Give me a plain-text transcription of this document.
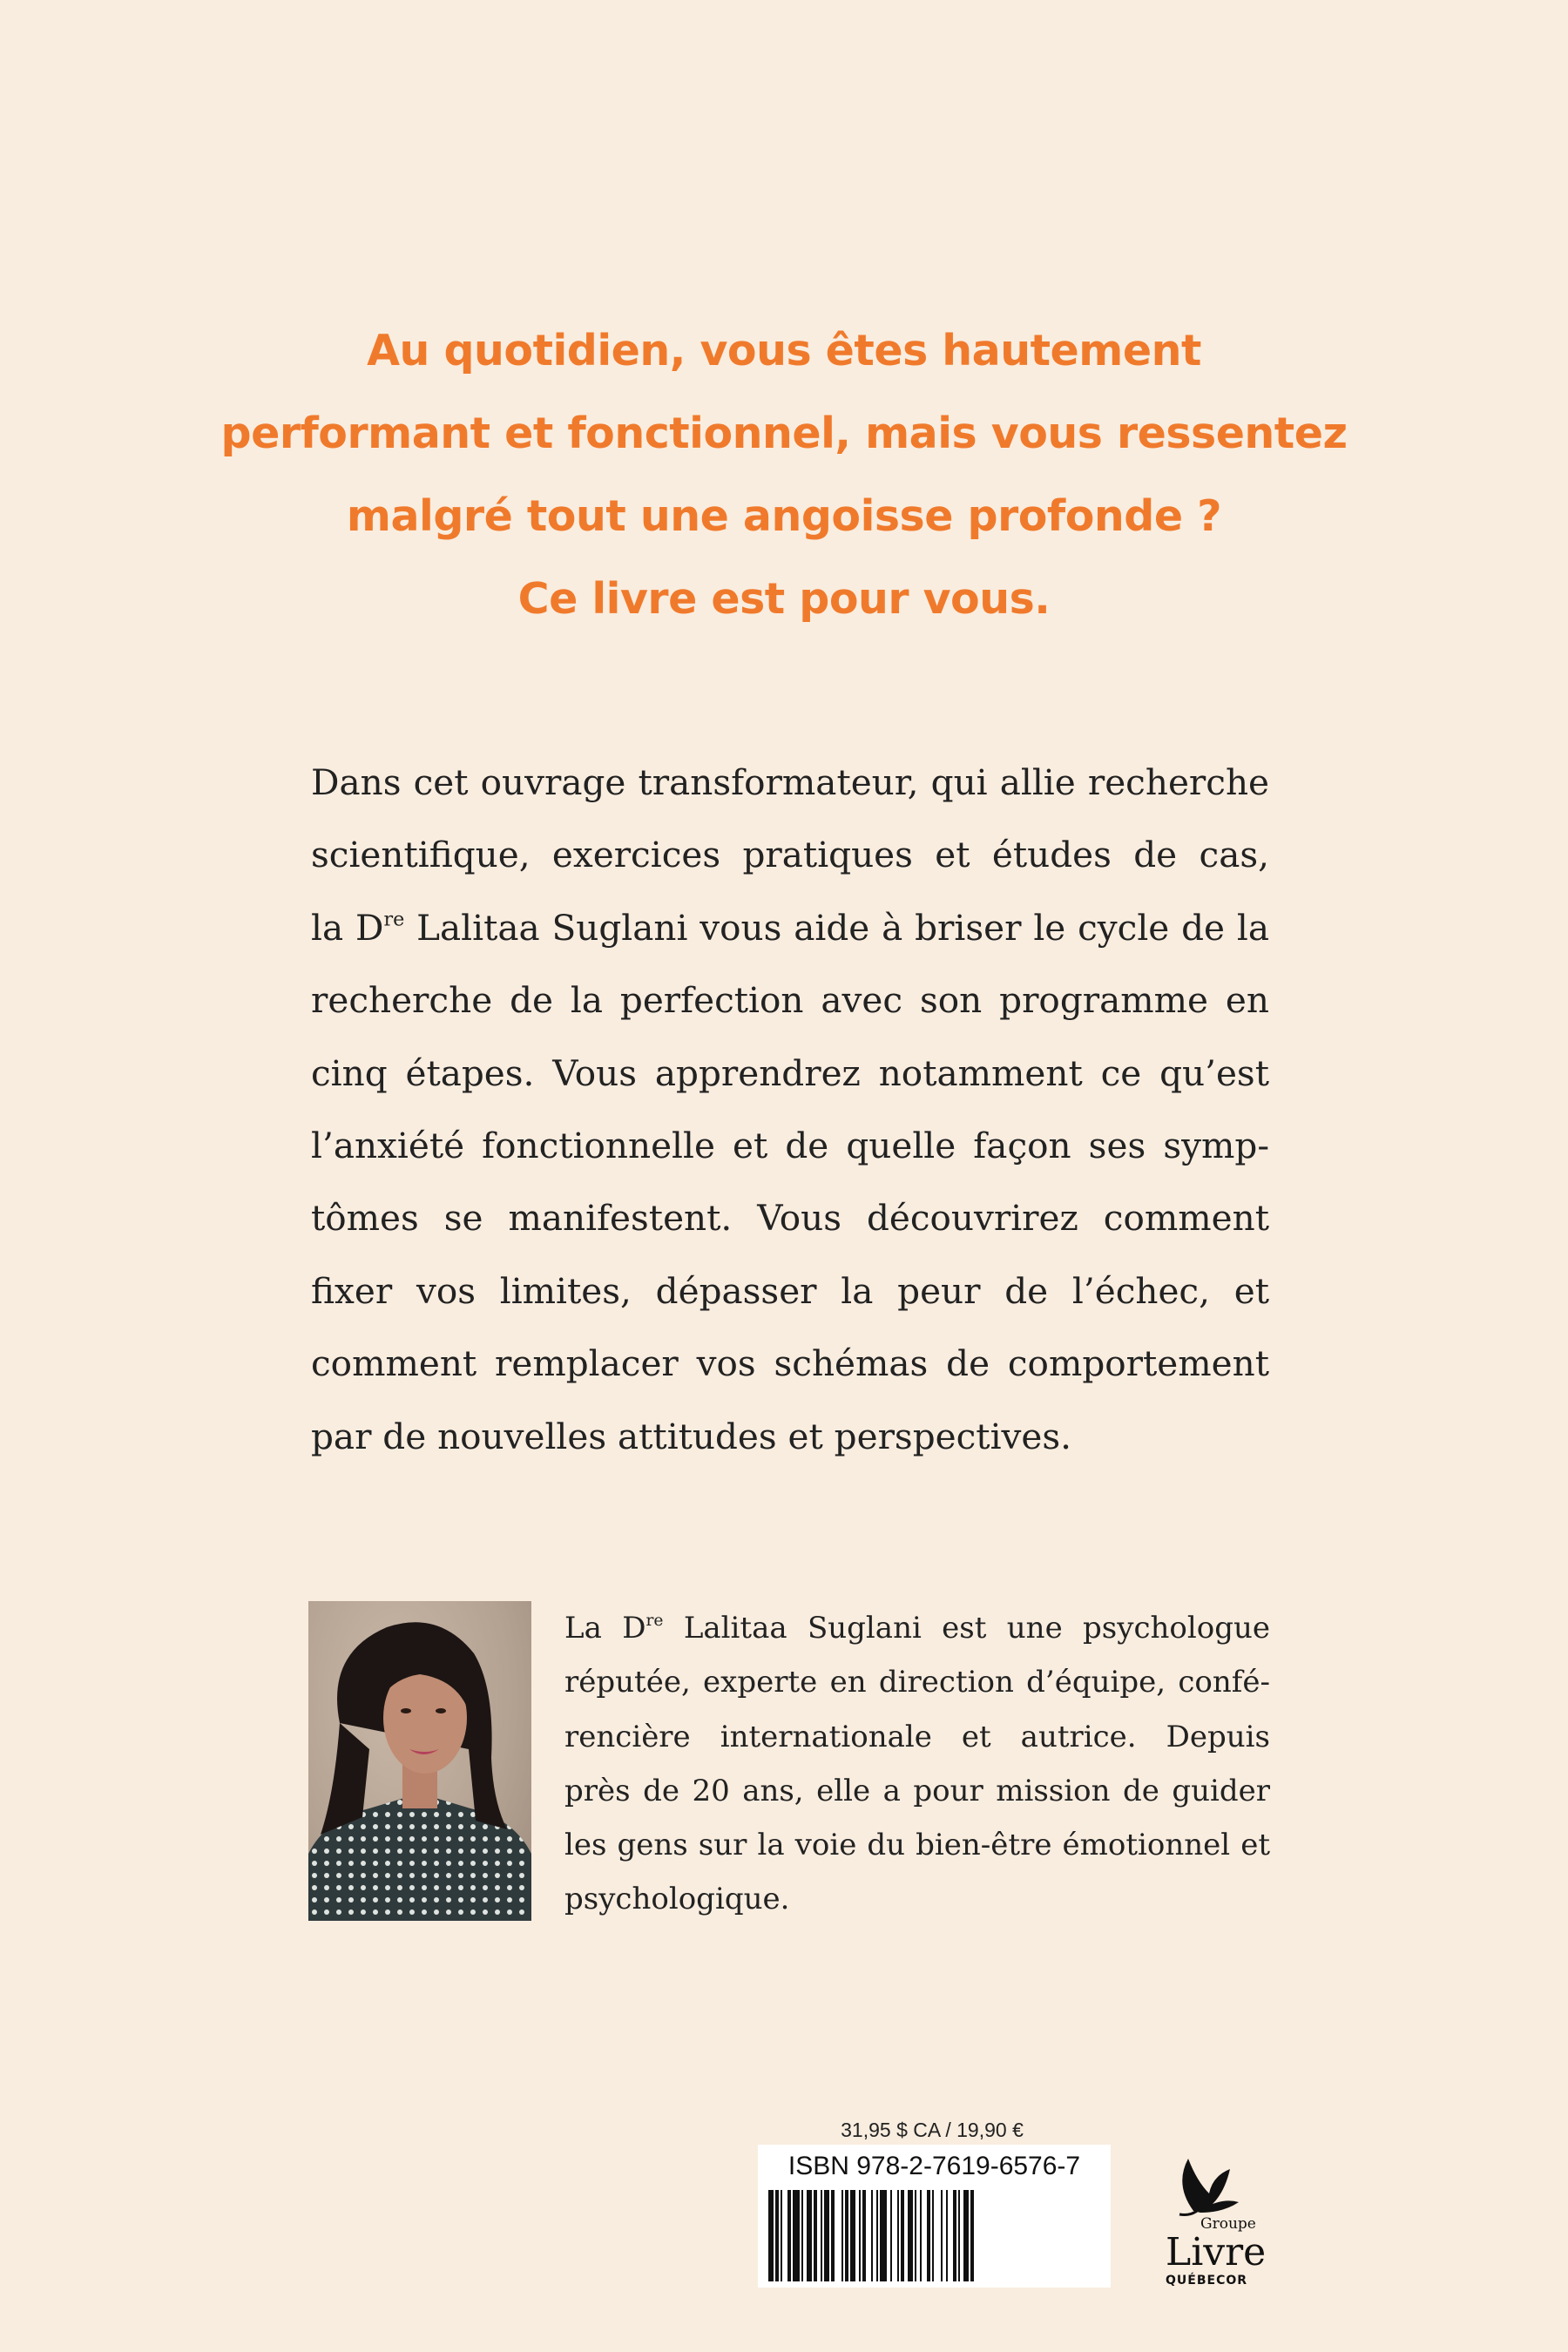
Au quotidien, vous êtes hautement
performant et fonctionnel, mais vous ressentez
malgré tout une angoisse profonde ?
Ce livre est pour vous.
Dans cet ouvrage transformateur, qui allie recherche
scientifique, exercices pratiques et études de cas,
la Dre Lalitaa Suglani vous aide à briser le cycle de la
recherche de la perfection avec son programme en
cinq étapes. Vous apprendrez notamment ce qu’est
l’anxiété fonctionnelle et de quelle façon ses symp-
tômes se manifestent. Vous découvrirez comment
fixer vos limites, dépasser la peur de l’échec, et
comment remplacer vos schémas de comportement
par de nouvelles attitudes et perspectives.
La Dre Lalitaa Suglani est une psychologue
réputée, experte en direction d’équipe, confé-
rencière internationale et autrice. Depuis
près de 20 ans, elle a pour mission de guider
les gens sur la voie du bien-être émotionnel et
psychologique.
31,95 $ CA / 19,90 €
ISBN 978-2-7619-6576-7
Groupe
Livre
QUÉBECOR
